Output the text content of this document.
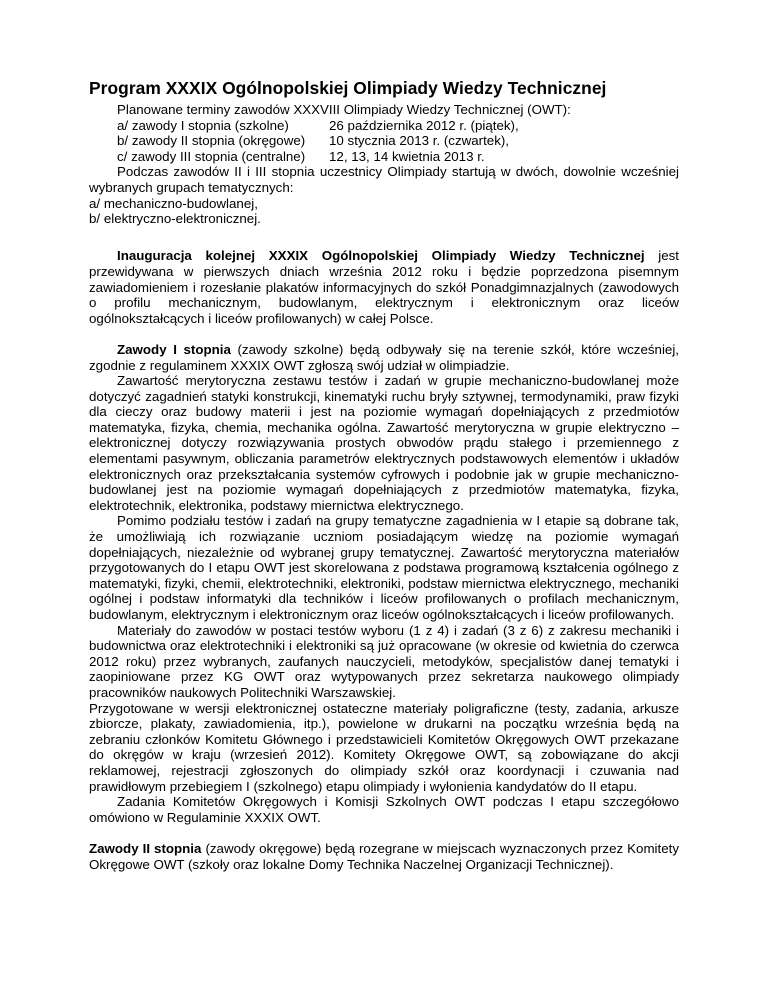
Program XXXIX Ogólnopolskiej Olimpiady Wiedzy Technicznej
Planowane terminy zawodów XXXVIII Olimpiady Wiedzy Technicznej (OWT):
a/ zawody I stopnia (szkolne)	26 października 2012 r. (piątek),
b/ zawody II stopnia (okręgowe)	10 stycznia 2013 r. (czwartek),
c/ zawody III stopnia (centralne)	12, 13, 14 kwietnia 2013 r.

Podczas zawodów II i III stopnia uczestnicy Olimpiady startują w dwóch, dowolnie wcześniej wybranych grupach tematycznych:

a/ mechaniczno-budowlanej,
b/ elektryczno-elektronicznej.

Inauguracja kolejnej XXXIX Ogólnopolskiej Olimpiady Wiedzy Technicznej jest przewidywana w pierwszych dniach września 2012 roku i będzie poprzedzona pisemnym zawiadomieniem i rozesłanie plakatów informacyjnych do szkół Ponadgimnazjalnych (zawodowych o profilu mechanicznym, budowlanym, elektrycznym i elektronicznym oraz liceów ogólnokształcących i liceów profilowanych) w całej Polsce.

Zawody I stopnia (zawody szkolne) będą odbywały się na terenie szkół, które wcześniej, zgodnie z regulaminem XXXIX OWT zgłoszą swój udział w olimpiadzie.

Zawartość merytoryczna zestawu testów i zadań w grupie mechaniczno-budowlanej może dotyczyć zagadnień statyki konstrukcji, kinematyki ruchu bryły sztywnej, termodynamiki, praw fizyki dla cieczy oraz budowy materii i jest na poziomie wymagań dopełniających z przedmiotów matematyka, fizyka, chemia, mechanika ogólna. Zawartość merytoryczna w grupie elektryczno – elektronicznej dotyczy rozwiązywania prostych obwodów prądu stałego i przemiennego z elementami pasywnym, obliczania parametrów elektrycznych podstawowych elementów i układów elektronicznych oraz przekształcania systemów cyfrowych i podobnie jak w grupie mechaniczno-budowlanej jest na poziomie wymagań dopełniających z przedmiotów matematyka, fizyka, elektrotechnik, elektronika, podstawy miernictwa elektrycznego.

Pomimo podziału testów i zadań na grupy tematyczne zagadnienia w I etapie są dobrane tak, że umożliwiają ich rozwiązanie uczniom posiadającym wiedzę na poziomie wymagań dopełniających, niezależnie od wybranej grupy tematycznej. Zawartość merytoryczna materiałów przygotowanych do I etapu OWT jest skorelowana z podstawa programową kształcenia ogólnego z matematyki, fizyki, chemii, elektrotechniki, elektroniki, podstaw miernictwa elektrycznego, mechaniki ogólnej i podstaw informatyki dla techników i liceów profilowanych o profilach mechanicznym, budowlanym, elektrycznym i elektronicznym oraz liceów ogólnokształcących i liceów profilowanych.

Materiały do zawodów w postaci testów wyboru (1 z 4) i zadań (3 z 6) z zakresu mechaniki i budownictwa oraz elektrotechniki i elektroniki są już opracowane (w okresie od kwietnia do czerwca 2012 roku) przez wybranych, zaufanych nauczycieli, metodyków, specjalistów danej tematyki i zaopiniowane przez KG OWT oraz wytypowanych przez sekretarza naukowego olimpiady pracowników naukowych Politechniki Warszawskiej.

Przygotowane w wersji elektronicznej ostateczne materiały poligraficzne (testy, zadania, arkusze zbiorcze, plakaty, zawiadomienia, itp.), powielone w drukarni na początku września będą na zebraniu członków Komitetu Głównego i przedstawicieli Komitetów Okręgowych OWT przekazane do okręgów w kraju (wrzesień 2012). Komitety Okręgowe OWT, są zobowiązane do akcji reklamowej, rejestracji zgłoszonych do olimpiady szkół oraz koordynacji i czuwania nad prawidłowym przebiegiem I (szkolnego) etapu olimpiady i wyłonienia kandydatów do II etapu.

Zadania Komitetów Okręgowych i Komisji Szkolnych OWT podczas I etapu szczegółowo omówiono w Regulaminie XXXIX OWT.

Zawody II stopnia (zawody okręgowe) będą rozegrane w miejscach wyznaczonych przez Komitety Okręgowe OWT (szkoły oraz lokalne Domy Technika Naczelnej Organizacji Technicznej).
